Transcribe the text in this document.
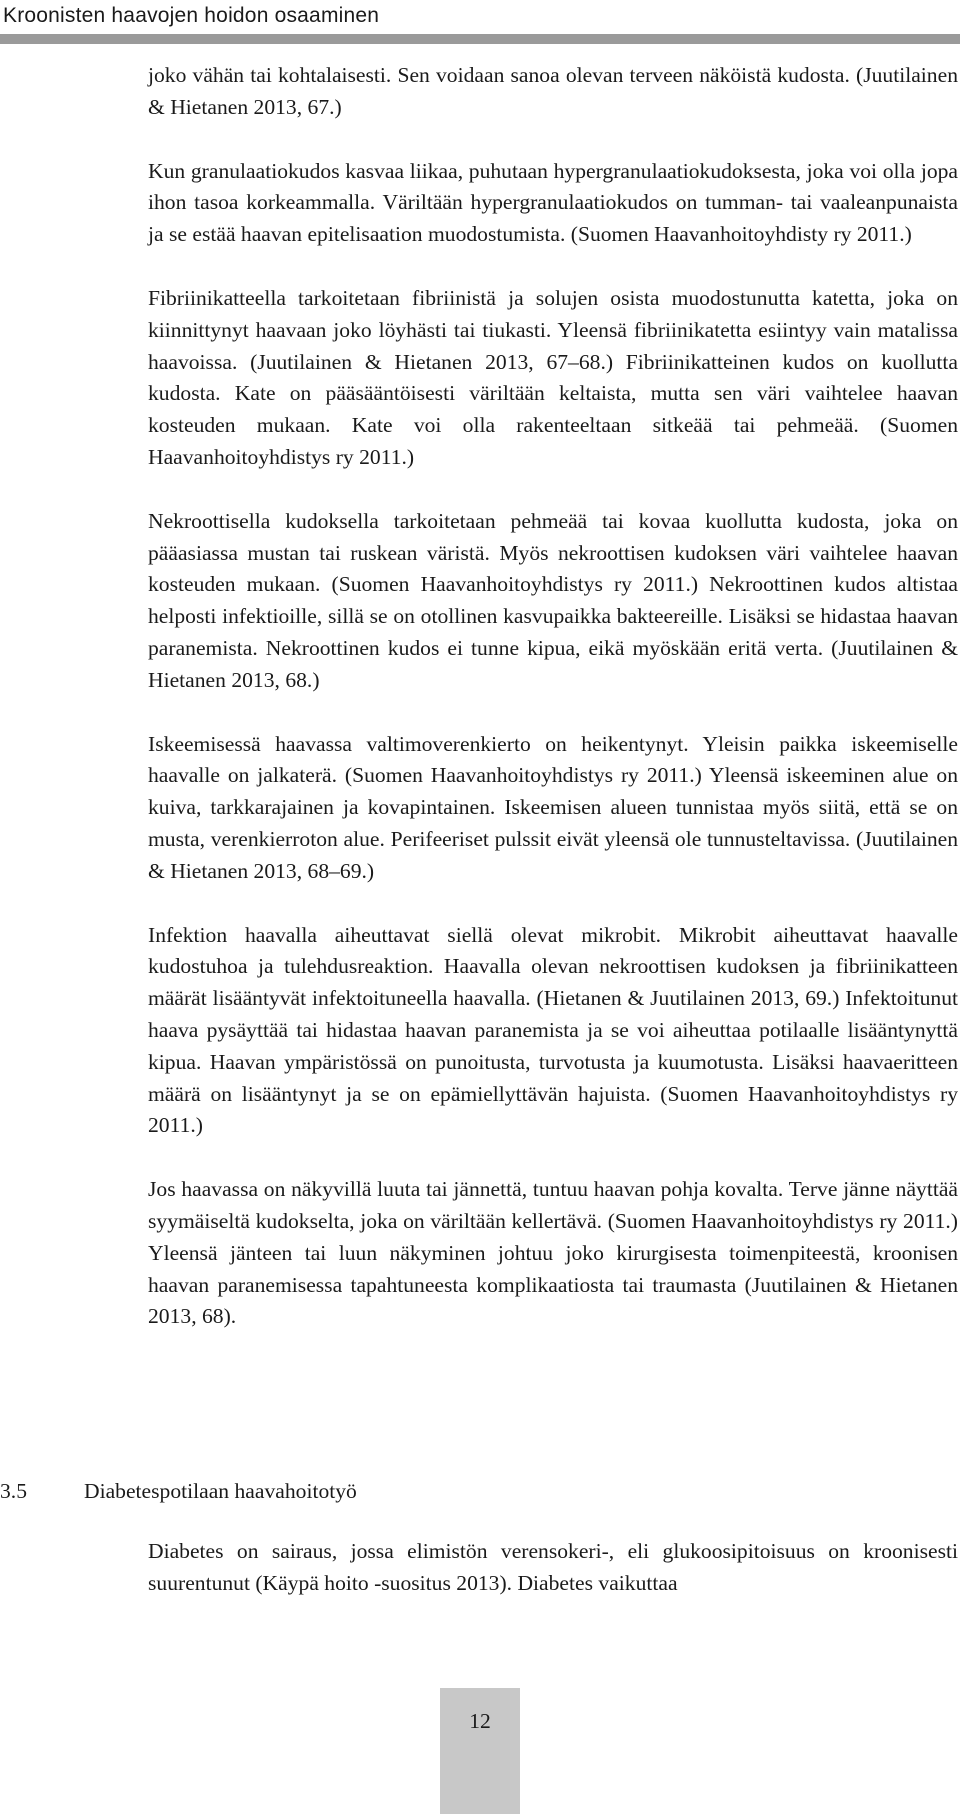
Kroonisten haavojen hoidon osaaminen

joko vähän tai kohtalaisesti. Sen voidaan sanoa olevan terveen näköistä kudosta. (Juutilainen & Hietanen 2013, 67.)

Kun granulaatiokudos kasvaa liikaa, puhutaan hypergranulaatiokudoksesta, joka voi olla jopa ihon tasoa korkeammalla. Väriltään hypergranulaatiokudos on tumman- tai vaaleanpunaista ja se estää haavan epitelisaation muodostumista. (Suomen Haavanhoitoyhdisty ry 2011.)

Fibriinikatteella tarkoitetaan fibriinistä ja solujen osista muodostunutta katetta, joka on kiinnittynyt haavaan joko löyhästi tai tiukasti. Yleensä fibriinikatetta esiintyy vain matalissa haavoissa. (Juutilainen & Hietanen 2013, 67–68.) Fibriinikatteinen kudos on kuollutta kudosta. Kate on pääsääntöisesti väriltään keltaista, mutta sen väri vaihtelee haavan kosteuden mukaan. Kate voi olla rakenteeltaan sitkeää tai pehmeää. (Suomen Haavanhoitoyhdistys ry 2011.)

Nekroottisella kudoksella tarkoitetaan pehmeää tai kovaa kuollutta kudosta, joka on pääasiassa mustan tai ruskean väristä. Myös nekroottisen kudoksen väri vaihtelee haavan kosteuden mukaan. (Suomen Haavanhoitoyhdistys ry 2011.) Nekroottinen kudos altistaa helposti infektioille, sillä se on otollinen kasvupaikka bakteereille. Lisäksi se hidastaa haavan paranemista. Nekroottinen kudos ei tunne kipua, eikä myöskään eritä verta. (Juutilainen & Hietanen 2013, 68.)

Iskeemisessä haavassa valtimoverenkierto on heikentynyt. Yleisin paikka iskeemiselle haavalle on jalkaterä. (Suomen Haavanhoitoyhdistys ry 2011.) Yleensä iskeeminen alue on kuiva, tarkkarajainen ja kovapintainen. Iskeemisen alueen tunnistaa myös siitä, että se on musta, verenkierroton alue. Perifeeriset pulssit eivät yleensä ole tunnusteltavissa. (Juutilainen & Hietanen 2013, 68–69.)

Infektion haavalla aiheuttavat siellä olevat mikrobit. Mikrobit aiheuttavat haavalle kudostuhoa ja tulehdusreaktion. Haavalla olevan nekroottisen kudoksen ja fibriinikatteen määrät lisääntyvät infektoituneella haavalla. (Hietanen & Juutilainen 2013, 69.) Infektoitunut haava pysäyttää tai hidastaa haavan paranemista ja se voi aiheuttaa potilaalle lisääntynyttä kipua. Haavan ympäristössä on punoitusta, turvotusta ja kuumotusta. Lisäksi haavaeritteen määrä on lisääntynyt ja se on epämiellyttävän hajuista. (Suomen Haavanhoitoyhdistys ry 2011.)

Jos haavassa on näkyvillä luuta tai jännettä, tuntuu haavan pohja kovalta. Terve jänne näyttää syymäiseltä kudokselta, joka on väriltään kellertävä. (Suomen Haavanhoitoyhdistys ry 2011.) Yleensä jänteen tai luun näkyminen johtuu joko kirurgisesta toimenpiteestä, kroonisen haavan paranemisessa tapahtuneesta komplikaatiosta tai traumasta (Juutilainen & Hietanen 2013, 68).

3.5	Diabetespotilaan haavahoitotyö

Diabetes on sairaus, jossa elimistön verensokeri-, eli glukoosipitoisuus on kroonisesti suurentunut (Käypä hoito -suositus 2013). Diabetes vaikuttaa

12
